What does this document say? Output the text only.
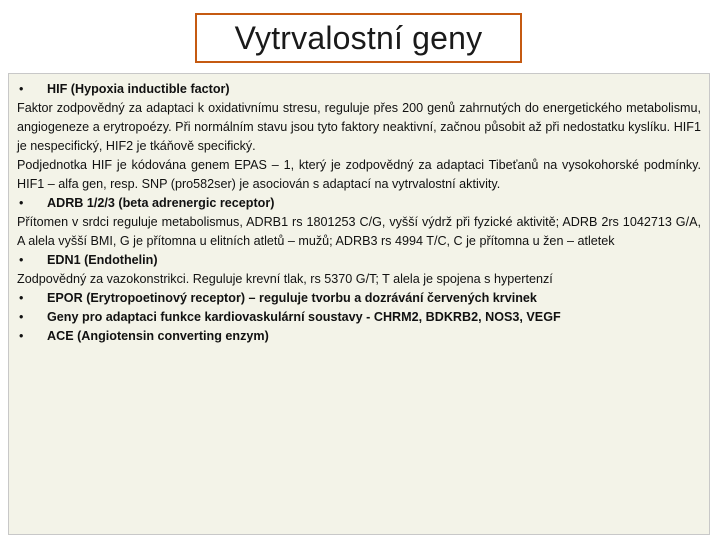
Vytrvalostní geny
•	HIF (Hypoxia inductible factor)

Faktor zodpovědný za adaptaci k oxidativnímu stresu, reguluje přes 200 genů zahrnutých do energetického metabolismu, angiogeneze a erytropoézy. Při normálním stavu jsou tyto faktory neaktivní, začnou působit až při nedostatku kyslíku. HIF1 je nespecifický, HIF2 je tkáňově specifický.

Podjednotka HIF je kódována genem EPAS – 1, který je zodpovědný za adaptaci Tibeťanů na vysokohorské podmínky. HIF1 – alfa gen, resp. SNP (pro582ser) je asociován s adaptací na vytrvalostní aktivity.

•	ADRB 1/2/3 (beta adrenergic receptor)

Přítomen v srdci reguluje metabolismus, ADRB1 rs 1801253 C/G, vyšší výdrž při fyzické aktivitě; ADRB 2rs 1042713 G/A, A alela vyšší BMI, G je přítomna u elitních atletů – mužů; ADRB3 rs 4994 T/C, C je přítomna u žen – atletek

•	EDN1 (Endothelin)

Zodpovědný za vazokonstrikci. Reguluje krevní tlak, rs 5370 G/T; T alela je spojena s hypertenzí

•	EPOR (Erytropoetinový receptor) – reguluje tvorbu a dozrávání červených krvinek
•	Geny pro adaptaci funkce kardiovaskulární soustavy - CHRM2, BDKRB2, NOS3, VEGF
•	ACE (Angiotensin converting enzym)
